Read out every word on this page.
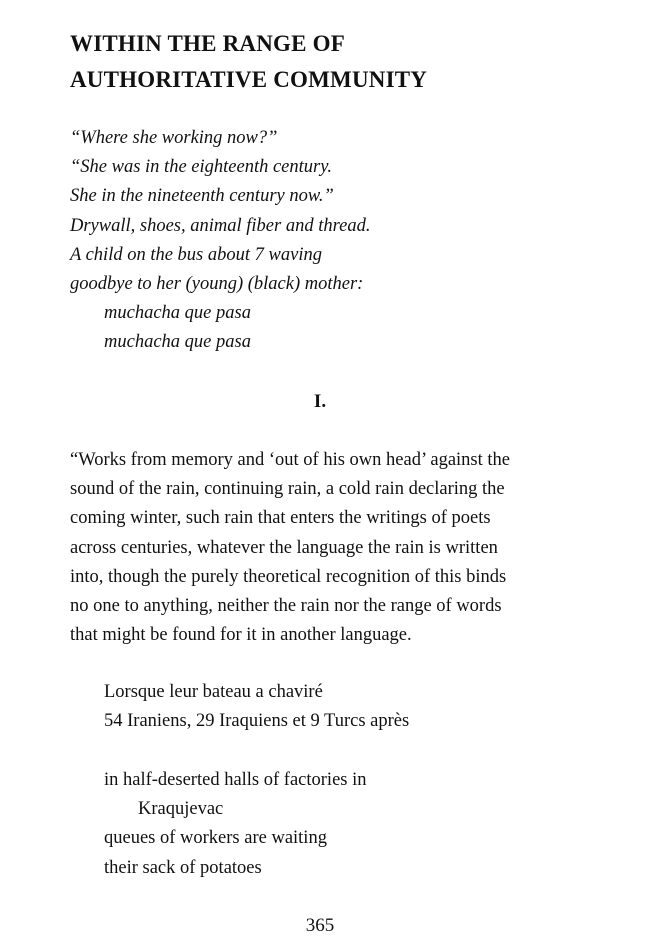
WITHIN THE RANGE OF
AUTHORITATIVE COMMUNITY
“Where she working now?”
“She was in the eighteenth century.
She in the nineteenth century now.”
Drywall, shoes, animal fiber and thread.
A child on the bus about 7 waving
goodbye to her (young) (black) mother:
muchacha que pasa
muchacha que pasa
I.
“Works from memory and ‘out of his own head’ against the
sound of the rain, continuing rain, a cold rain declaring the
coming winter, such rain that enters the writings of poets
across centuries, whatever the language the rain is written
into, though the purely theoretical recognition of this binds
no one to anything, neither the rain nor the range of words
that might be found for it in another language.
Lorsque leur bateau a chaviré
54 Iraniens, 29 Iraquiens et 9 Turcs après
in half-deserted halls of factories in
Kraqujevac
queues of workers are waiting
their sack of potatoes
365
